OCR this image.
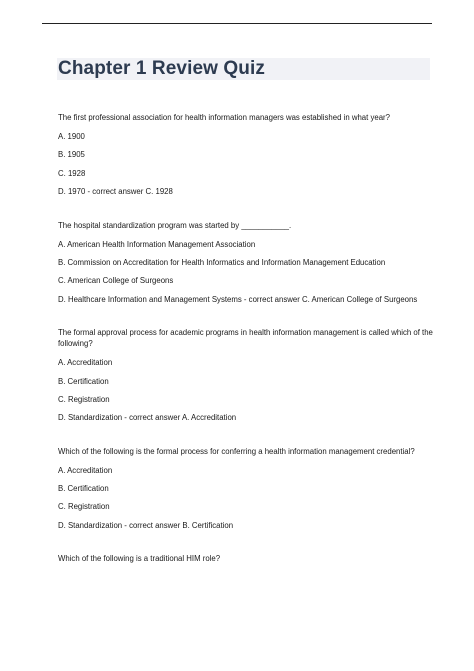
Chapter 1 Review Quiz

The first professional association for health information managers was established in what year?

A. 1900

B. 1905

C. 1928

D. 1970 - correct answer C. 1928

The hospital standardization program was started by ___________.

A. American Health Information Management Association

B. Commission on Accreditation for Health Informatics and Information Management Education

C. American College of Surgeons

D. Healthcare Information and Management Systems - correct answer C. American College of Surgeons

The formal approval process for academic programs in health information management is called which of the following?

A. Accreditation

B. Certification

C. Registration

D. Standardization - correct answer A. Accreditation

Which of the following is the formal process for conferring a health information management credential?

A. Accreditation

B. Certification

C. Registration

D. Standardization - correct answer B. Certification

Which of the following is a traditional HIM role?
